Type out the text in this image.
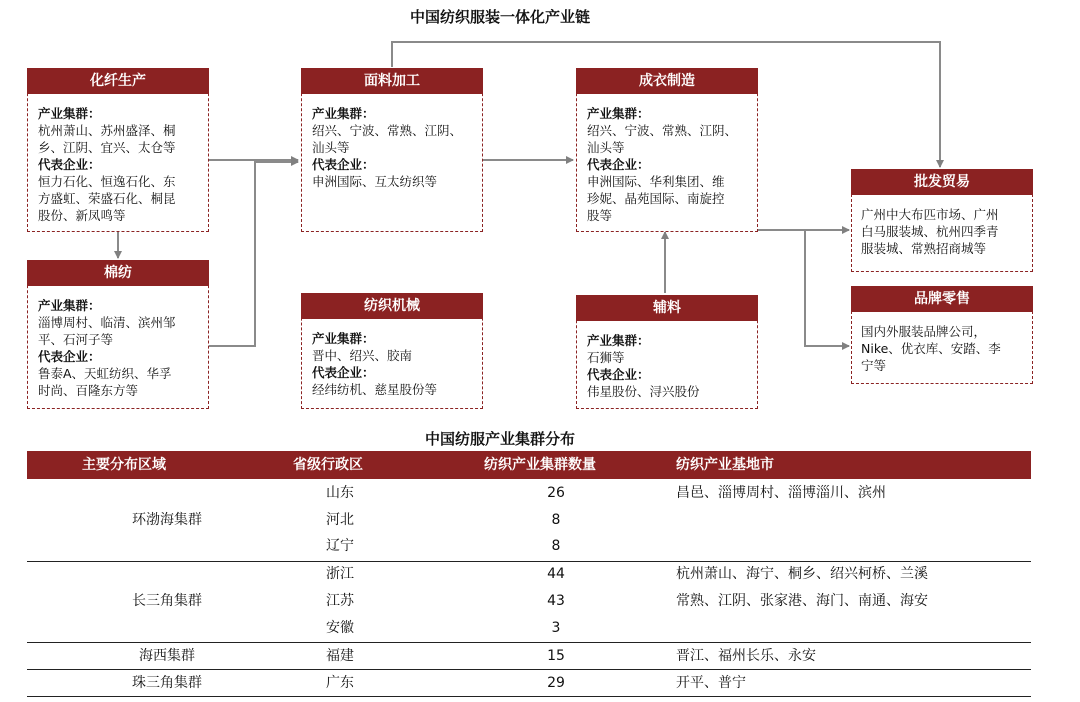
中国纺织服装一体化产业链
化纤生产
产业集群：
杭州萧山、苏州盛泽、桐
乡、江阴、宜兴、太仓等
代表企业：
恒力石化、恒逸石化、东
方盛虹、荣盛石化、桐昆
股份、新凤鸣等
面料加工
产业集群：
绍兴、宁波、常熟、江阴、
汕头等
代表企业：
申洲国际、互太纺织等
成衣制造
产业集群：
绍兴、宁波、常熟、江阴、
汕头等
代表企业：
申洲国际、华利集团、维
珍妮、晶苑国际、南旋控
股等
棉纺
产业集群：
淄博周村、临清、滨州邹
平、石河子等
代表企业：
鲁泰A、天虹纺织、华孚
时尚、百隆东方等
纺织机械
产业集群：
晋中、绍兴、胶南
代表企业：
经纬纺机、慈星股份等
辅料
产业集群：
石狮等
代表企业：
伟星股份、浔兴股份
批发贸易
广州中大布匹市场、广州
白马服装城、杭州四季青
服装城、常熟招商城等
品牌零售
国内外服装品牌公司，
Nike、优衣库、安踏、李
宁等
中国纺服产业集群分布
主要分布区域	省级行政区	纺织产业集群数量	纺织产业基地市
环渤海集群
山东	26	昌邑、淄博周村、淄博淄川、滨州
河北	8
辽宁	8
长三角集群
浙江	44	杭州萧山、海宁、桐乡、绍兴柯桥、兰溪
江苏	43	常熟、江阴、张家港、海门、南通、海安
安徽	3
海西集群	福建	15	晋江、福州长乐、永安
珠三角集群	广东	29	开平、普宁
